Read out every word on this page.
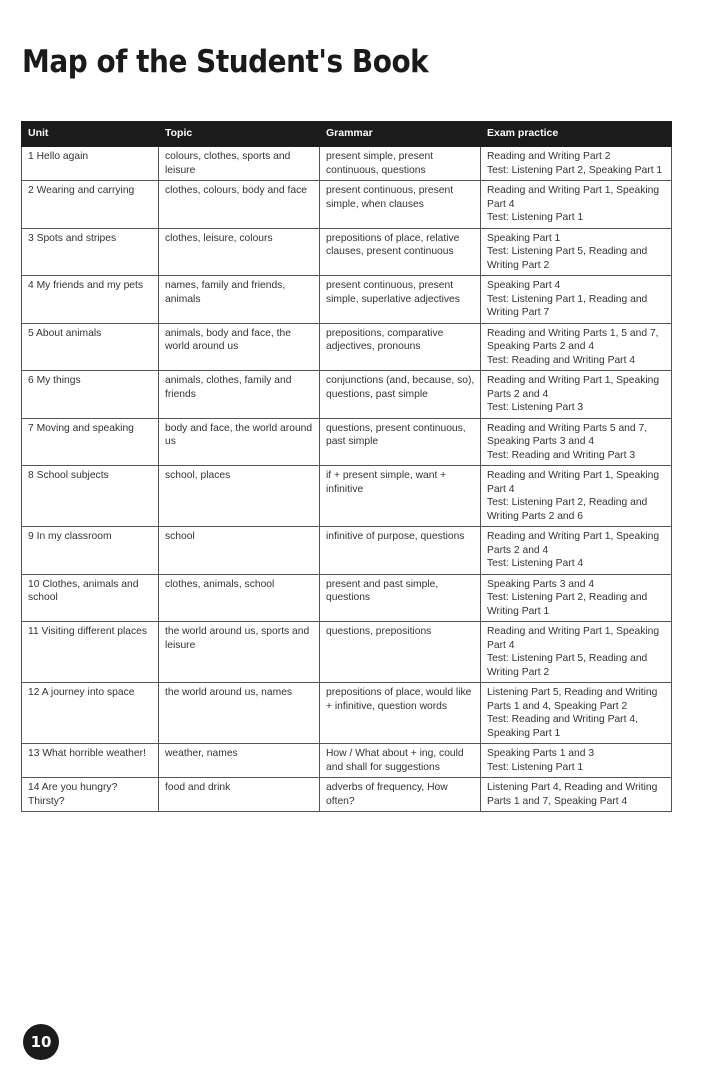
Map of the Student's Book
Unit	Topic	Grammar	Exam practice
1 Hello again	colours, clothes, sports and leisure	present simple, present continuous, questions	Reading and Writing Part 2
Test: Listening Part 2, Speaking Part 1

2 Wearing and carrying	clothes, colours, body and face	present continuous, present simple, when clauses	Reading and Writing Part 1, Speaking Part 4
Test: Listening Part 1

3 Spots and stripes	clothes, leisure, colours	prepositions of place, relative clauses, present continuous	Speaking Part 1
Test: Listening Part 5, Reading and Writing Part 2

4 My friends and my pets	names, family and friends, animals	present continuous, present simple, superlative adjectives	Speaking Part 4
Test: Listening Part 1, Reading and Writing Part 7

5 About animals	animals, body and face, the world around us	prepositions, comparative adjectives, pronouns	Reading and Writing Parts 1, 5 and 7, Speaking Parts 2 and 4
Test: Reading and Writing Part 4

6 My things	animals, clothes, family and friends	conjunctions (and, because, so), questions, past simple	Reading and Writing Part 1, Speaking Parts 2 and 4
Test: Listening Part 3

7 Moving and speaking	body and face, the world around us	questions, present continuous, past simple	Reading and Writing Parts 5 and 7, Speaking Parts 3 and 4
Test: Reading and Writing Part 3

8 School subjects	school, places	if + present simple, want + infinitive	Reading and Writing Part 1, Speaking Part 4
Test: Listening Part 2, Reading and Writing Parts 2 and 6

9 In my classroom	school	infinitive of purpose, questions	Reading and Writing Part 1, Speaking Parts 2 and 4
Test: Listening Part 4

10 Clothes, animals and school	clothes, animals, school	present and past simple, questions	Speaking Parts 3 and 4
Test: Listening Part 2, Reading and Writing Part 1

11 Visiting different places	the world around us, sports and leisure	questions, prepositions	Reading and Writing Part 1, Speaking Part 4
Test: Listening Part 5, Reading and Writing Part 2

12 A journey into space	the world around us, names	prepositions of place, would like + infinitive, question words	Listening Part 5, Reading and Writing Parts 1 and 4, Speaking Part 2
Test: Reading and Writing Part 4, Speaking Part 1

13 What horrible weather!	weather, names	How / What about + ing, could and shall for suggestions	Speaking Parts 1 and 3
Test: Listening Part 1

14 Are you hungry? Thirsty?	food and drink	adverbs of frequency, How often?	Listening Part 4, Reading and Writing Parts 1 and 7, Speaking Part 4
10
